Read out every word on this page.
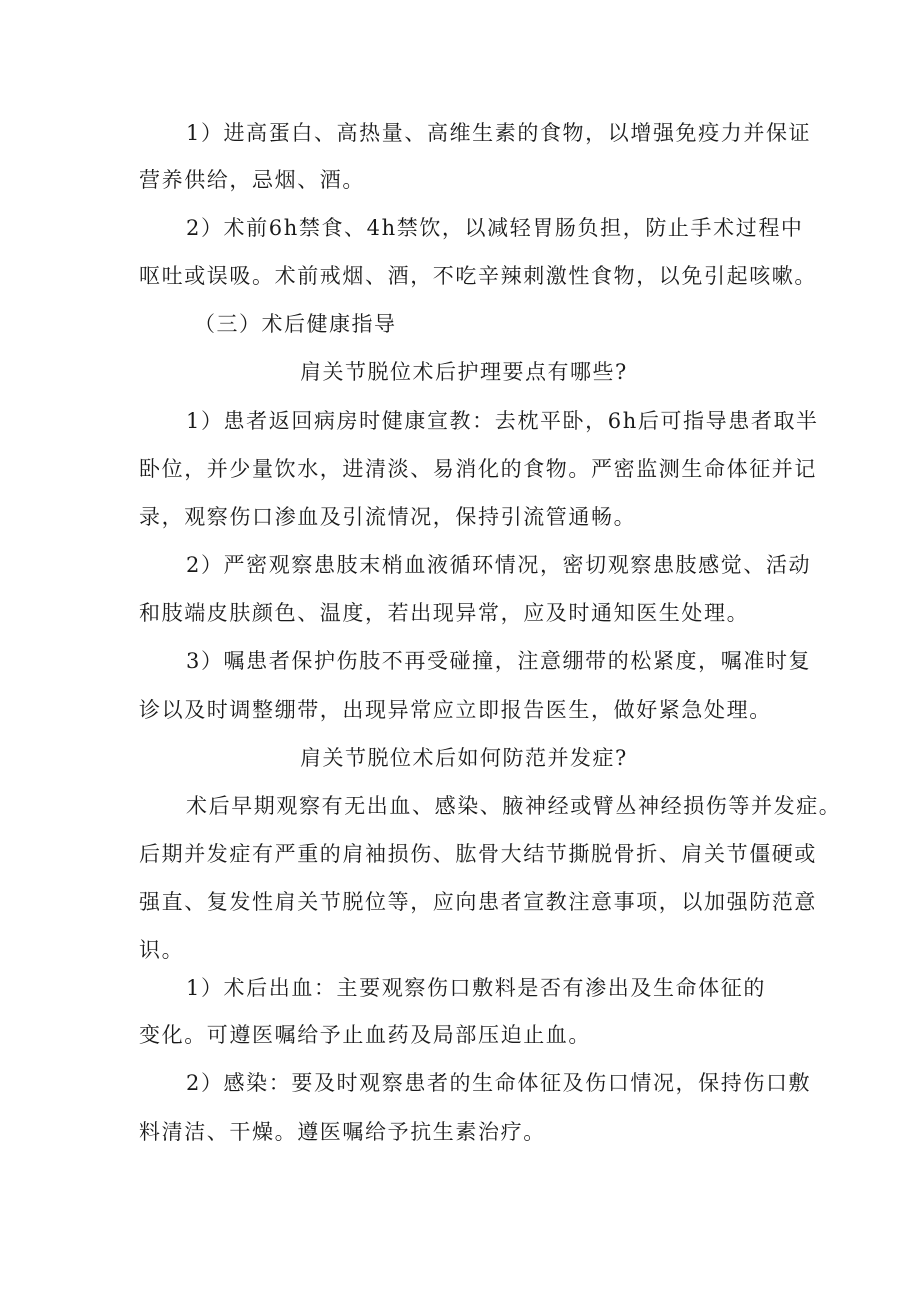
1）进高蛋白、高热量、高维生素的食物，以增强免疫力并保证
营养供给，忌烟、酒。
2）术前6h禁食、4h禁饮，以减轻胃肠负担，防止手术过程中
呕吐或误吸。术前戒烟、酒，不吃辛辣刺激性食物，以免引起咳嗽。
（三）术后健康指导
肩关节脱位术后护理要点有哪些?
1）患者返回病房时健康宣教：去枕平卧，6h后可指导患者取半
卧位，并少量饮水，进清淡、易消化的食物。严密监测生命体征并记
录，观察伤口渗血及引流情况，保持引流管通畅。
2）严密观察患肢末梢血液循环情况，密切观察患肢感觉、活动
和肢端皮肤颜色、温度，若出现异常，应及时通知医生处理。
3）嘱患者保护伤肢不再受碰撞，注意绷带的松紧度，嘱准时复
诊以及时调整绷带，出现异常应立即报告医生，做好紧急处理。
肩关节脱位术后如何防范并发症?
术后早期观察有无出血、感染、腋神经或臂丛神经损伤等并发症。
后期并发症有严重的肩袖损伤、肱骨大结节撕脱骨折、肩关节僵硬或
强直、复发性肩关节脱位等，应向患者宣教注意事项，以加强防范意
识。
1）术后出血：主要观察伤口敷料是否有渗出及生命体征的
变化。可遵医嘱给予止血药及局部压迫止血。
2）感染：要及时观察患者的生命体征及伤口情况，保持伤口敷
料清洁、干燥。遵医嘱给予抗生素治疗。
